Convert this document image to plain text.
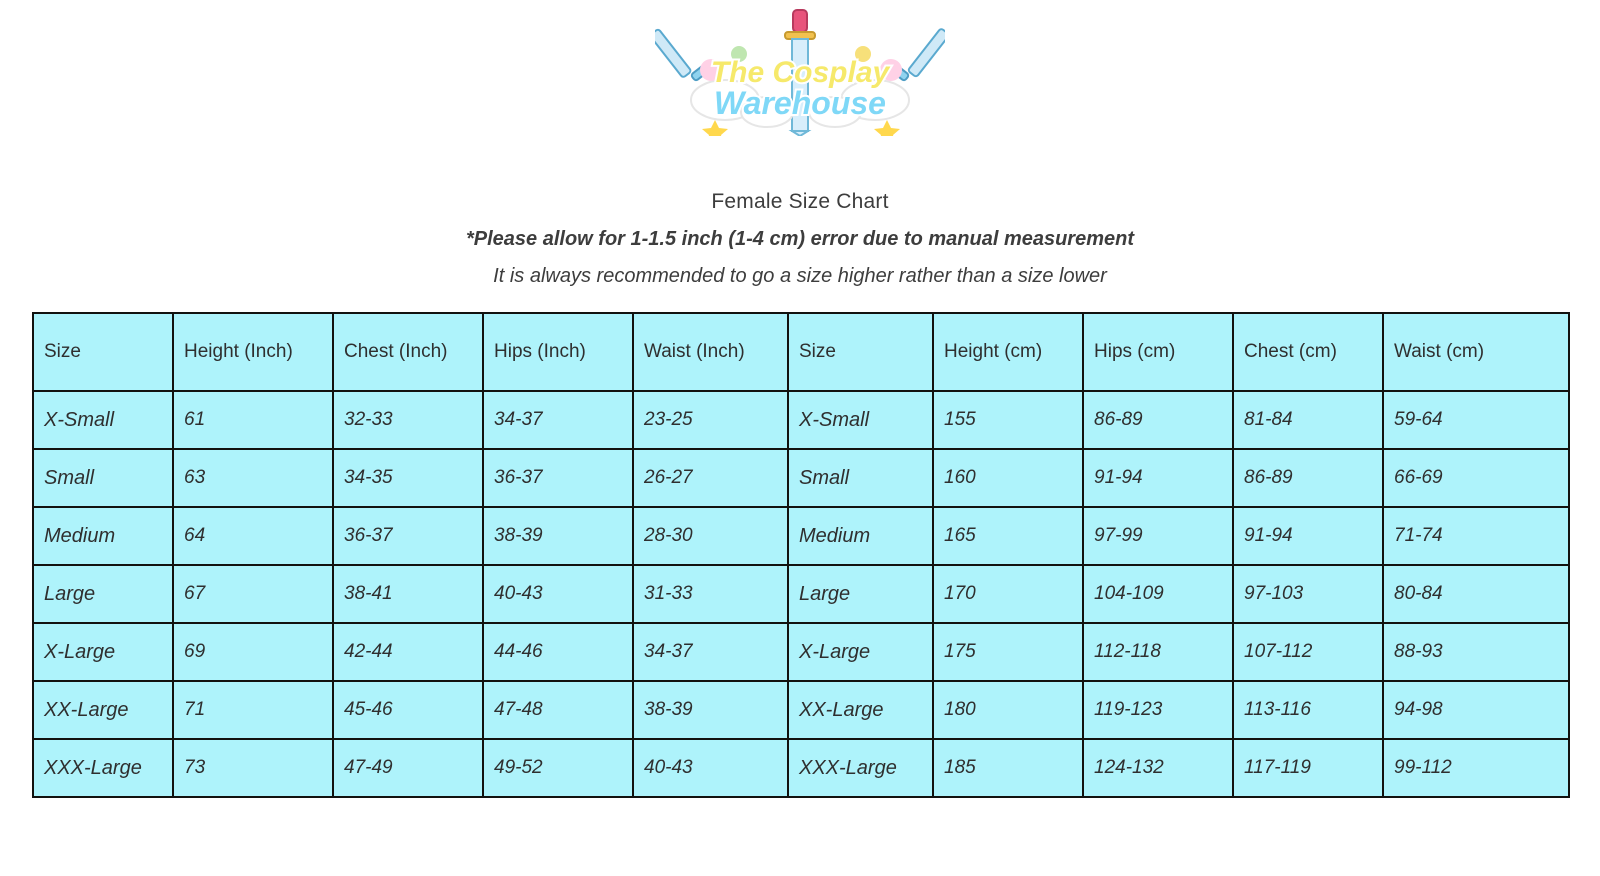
The Cosplay
Warehouse
Female Size Chart
*Please allow for 1-1.5 inch (1-4 cm) error due to manual measurement
It is always recommended to go a size higher rather than a size lower
Size	Height (Inch)	Chest (Inch)	Hips (Inch)	Waist (Inch)	Size	Height (cm)	Hips (cm)	Chest (cm)	Waist (cm)
X-Small	61	32-33	34-37	23-25	X-Small	155	86-89	81-84	59-64
Small	63	34-35	36-37	26-27	Small	160	91-94	86-89	66-69
Medium	64	36-37	38-39	28-30	Medium	165	97-99	91-94	71-74
Large	67	38-41	40-43	31-33	Large	170	104-109	97-103	80-84
X-Large	69	42-44	44-46	34-37	X-Large	175	112-118	107-112	88-93
XX-Large	71	45-46	47-48	38-39	XX-Large	180	119-123	113-116	94-98
XXX-Large	73	47-49	49-52	40-43	XXX-Large	185	124-132	117-119	99-112
